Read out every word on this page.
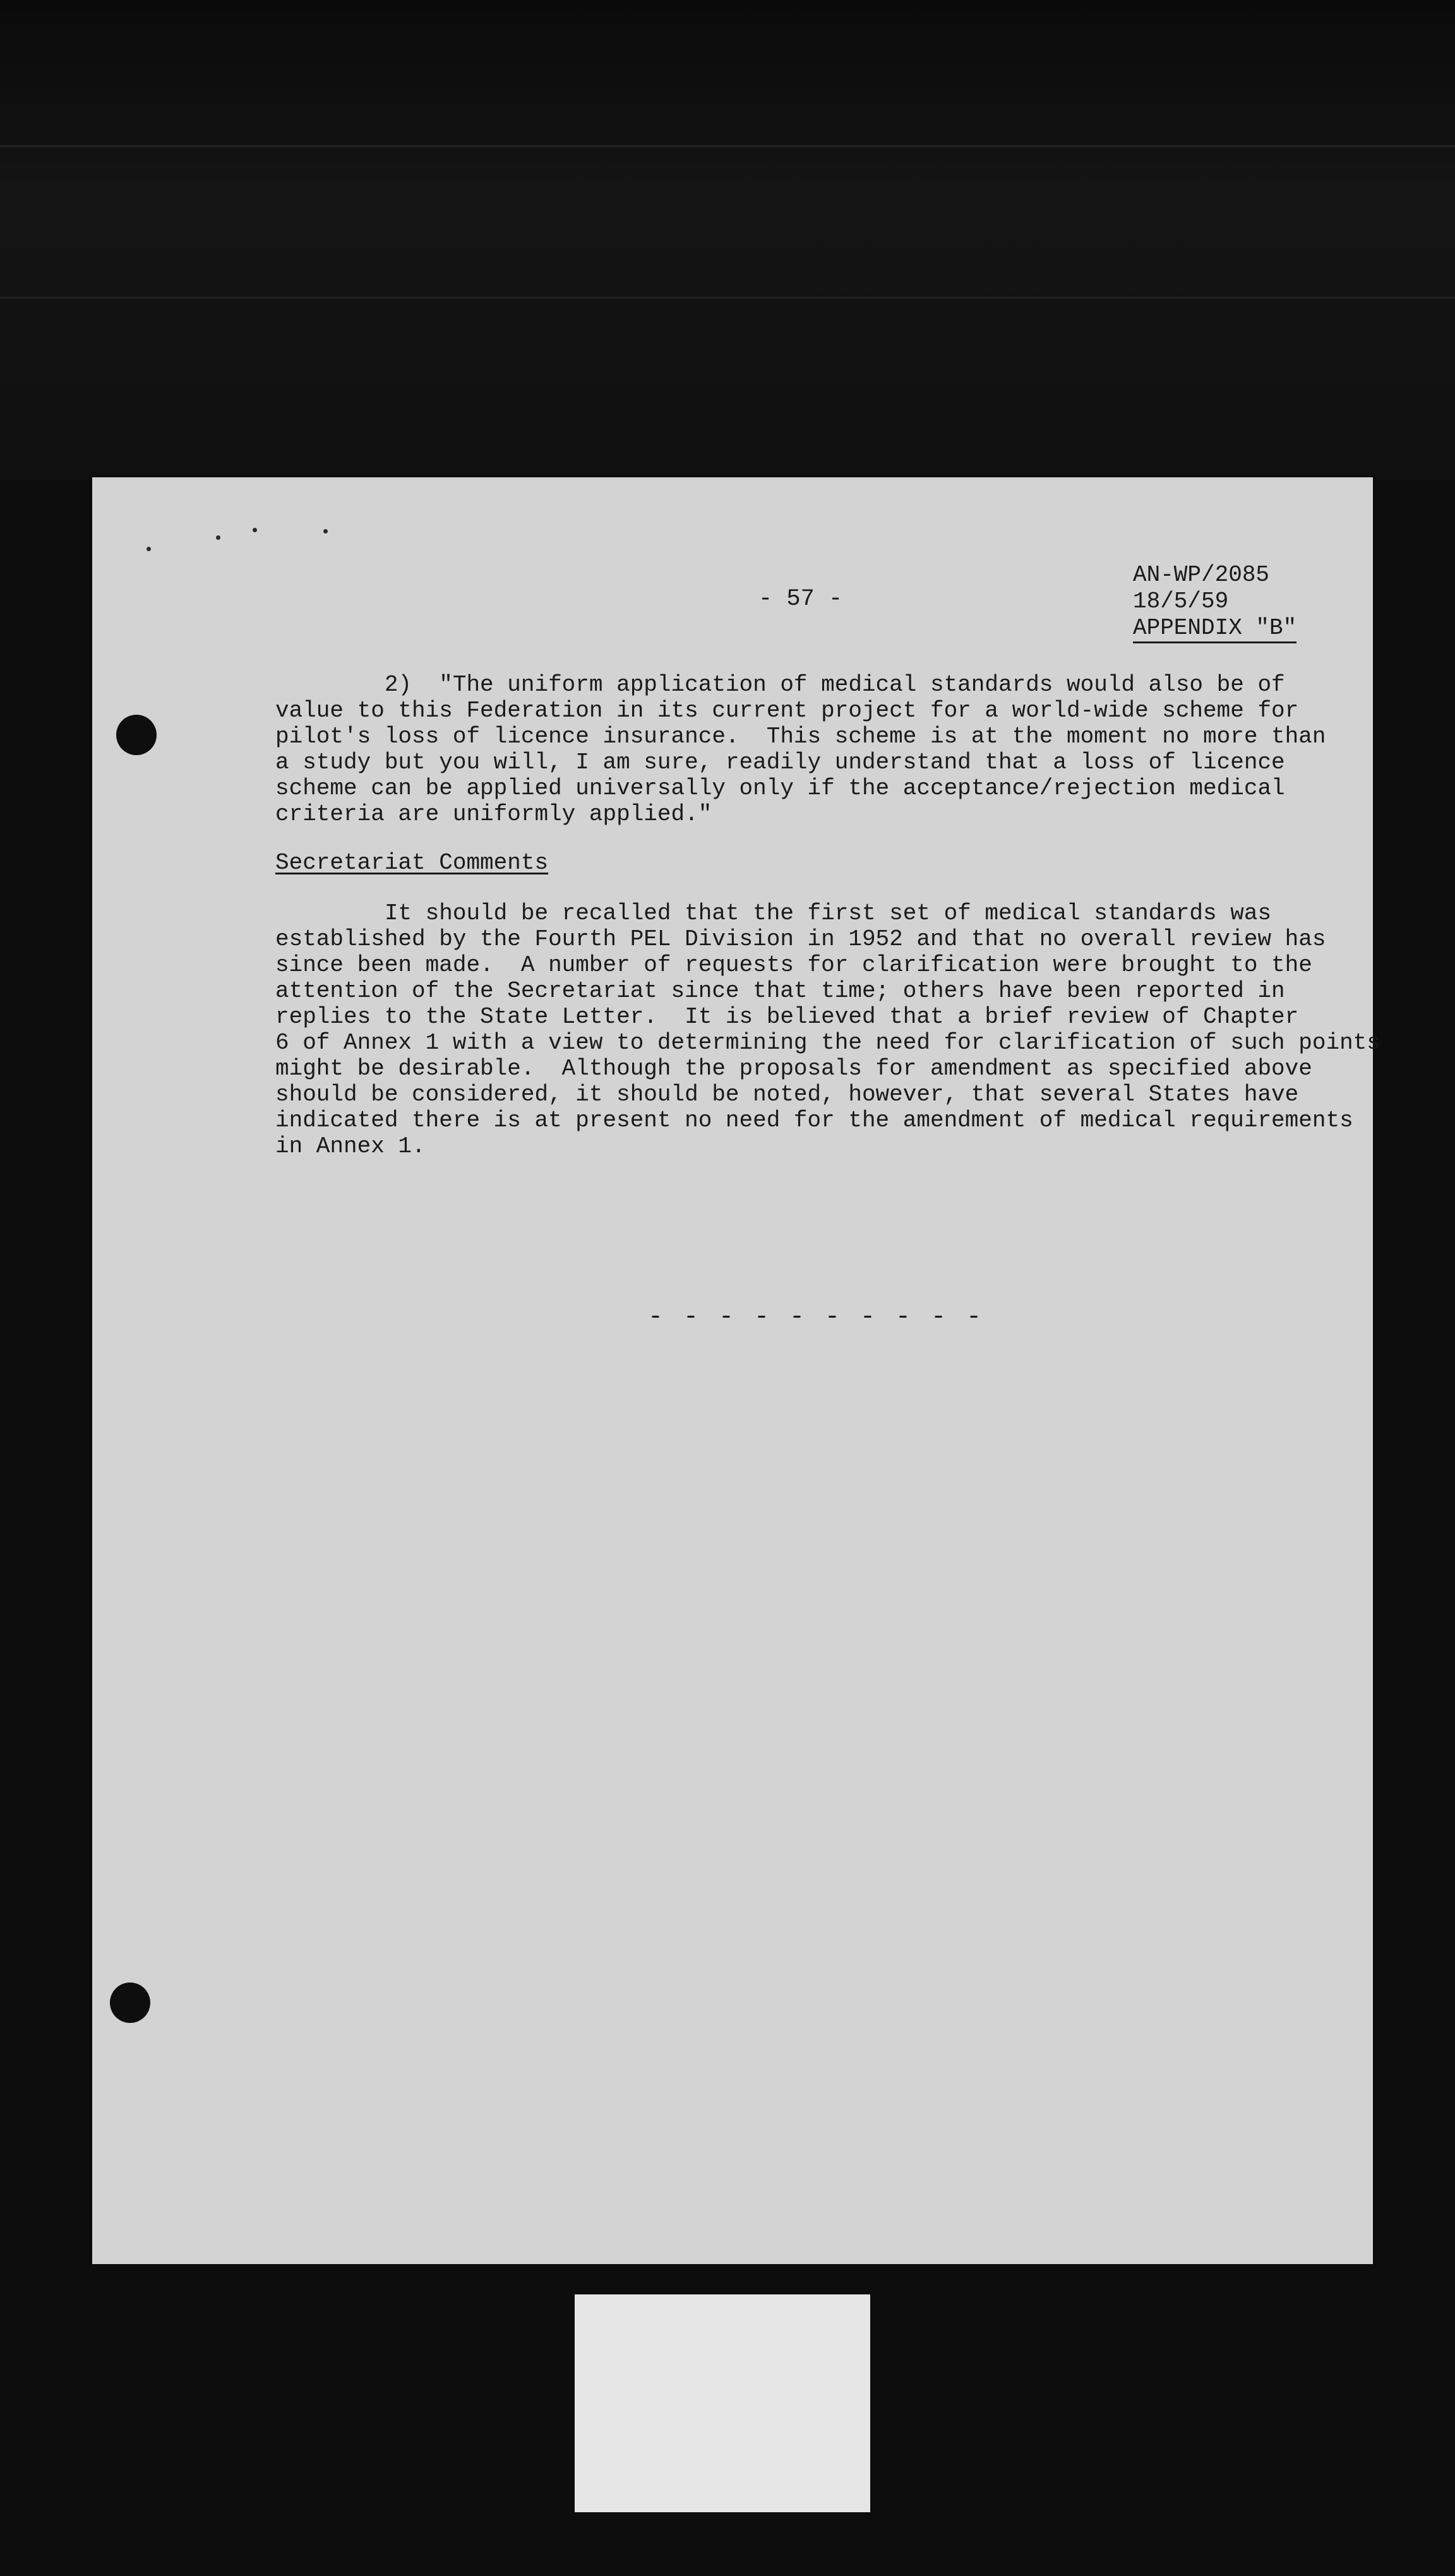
- 57 -
AN-WP/2085
18/5/59
APPENDIX "B"
2)  "The uniform application of medical standards would also be of
value to this Federation in its current project for a world-wide scheme for
pilot's loss of licence insurance.  This scheme is at the moment no more than
a study but you will, I am sure, readily understand that a loss of licence
scheme can be applied universally only if the acceptance/rejection medical
criteria are uniformly applied."
Secretariat Comments
It should be recalled that the first set of medical standards was
established by the Fourth PEL Division in 1952 and that no overall review has
since been made.  A number of requests for clarification were brought to the
attention of the Secretariat since that time; others have been reported in
replies to the State Letter.  It is believed that a brief review of Chapter
6 of Annex 1 with a view to determining the need for clarification of such points
might be desirable.  Although the proposals for amendment as specified above
should be considered, it should be noted, however, that several States have
indicated there is at present no need for the amendment of medical requirements
in Annex 1.
- - - - - - - - - -
